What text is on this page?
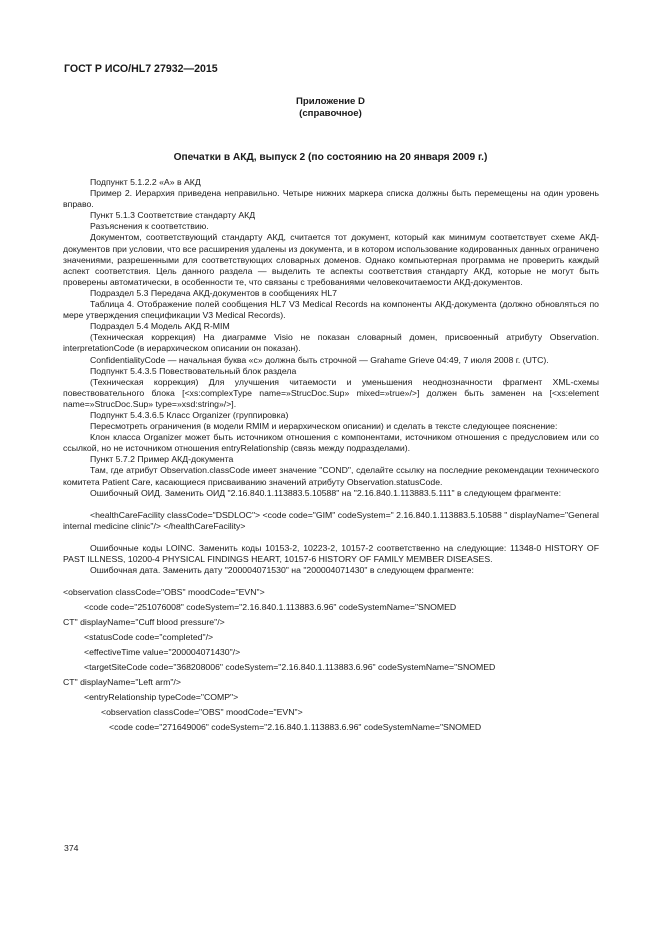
ГОСТ Р ИСО/HL7 27932—2015
Приложение D
(справочное)
Опечатки в АКД, выпуск 2 (по состоянию на 20 января 2009 г.)

Подпункт 5.1.2.2 «А» в АКД

Пример 2. Иерархия приведена неправильно. Четыре нижних маркера списка должны быть перемещены на один уровень вправо.

Пункт 5.1.3 Соответствие стандарту АКД

Разъяснения к соответствию.

Документом, соответствующий стандарту АКД, считается тот документ, который как минимум соответствует схеме АКД-документов при условии, что все расширения удалены из документа, и в котором использование кодированных данных ограничено значениями, разрешенными для соответствующих словарных доменов. Однако компьютерная программа не проверить каждый аспект соответствия. Цель данного раздела — выделить те аспекты соответствия стандарту АКД, которые не могут быть проверены автоматически, в особенности те, что связаны с требованиями человекочитаемости АКД-документов.

Подраздел 5.3 Передача АКД-документов в сообщениях HL7

Таблица 4. Отображение полей сообщения HL7 V3 Medical Records на компоненты АКД-документа (должно обновляться по мере утверждения спецификации V3 Medical Records).

Подраздел 5.4 Модель АКД R-MIM

(Техническая коррекция) На диаграмме Visio не показан словарный домен, присвоенный атрибуту Observation. interpretationCode (в иерархическом описании он показан).

ConfidentialityCode — начальная буква «с» должна быть строчной — Grahame Grieve 04:49, 7 июля 2008 г. (UTC).

Подпункт 5.4.3.5 Повествовательный блок раздела

(Техническая коррекция) Для улучшения читаемости и уменьшения неоднозначности фрагмент XML-схемы повествовательного блока [<xs:complexType name=»StrucDoc.Sup» mixed=»true»/>] должен быть заменен на [<xs:element name=»StrucDoc.Sup» type=»xsd:string»/>].

Подпункт 5.4.3.6.5 Класс Organizer (группировка)

Пересмотреть ограничения (в модели RMIM и иерархическом описании) и сделать в тексте следующее пояснение:

Клон класса Organizer может быть источником отношения с компонентами, источником отношения с предусловием или со ссылкой, но не источником отношения entryRelationship (связь между подразделами).

Пункт 5.7.2 Пример АКД-документа

Там, где атрибут Observation.classCode имеет значение "COND", сделайте ссылку на последние рекомендации технического комитета Patient Care, касающиеся присваиванию значений атрибуту Observation.statusCode.

Ошибочный ОИД. Заменить ОИД "2.16.840.1.113883.5.10588" на "2.16.840.1.113883.5.111" в следующем фрагменте:

<healthCareFacility classCode="DSDLOC"> <code code="GIM" codeSystem=" 2.16.840.1.113883.5.10588 " displayName="General internal medicine clinic"/> </healthCareFacility>

Ошибочные коды LOINC. Заменить коды 10153-2, 10223-2, 10157-2 соответственно на следующие: 11348-0 HISTORY OF PAST ILLNESS, 10200-4 PHYSICAL FINDINGS HEART, 10157-6 HISTORY OF FAMILY MEMBER DISEASES.

Ошибочная дата. Заменить дату "200004071530" на "200004071430" в следующем фрагменте:

<observation classCode="OBS" moodCode="EVN">

<code code="251076008" codeSystem="2.16.840.1.113883.6.96" codeSystemName="SNOMED

CT" displayName="Cuff blood pressure"/>

<statusCode code="completed"/>

<effectiveTime value="200004071430"/>

<targetSiteCode code="368208006" codeSystem="2.16.840.1.113883.6.96" codeSystemName="SNOMED

CT" displayName="Left arm"/>

<entryRelationship typeCode="COMP">

<observation classCode="OBS" moodCode="EVN">

<code code="271649006" codeSystem="2.16.840.1.113883.6.96" codeSystemName="SNOMED

374
